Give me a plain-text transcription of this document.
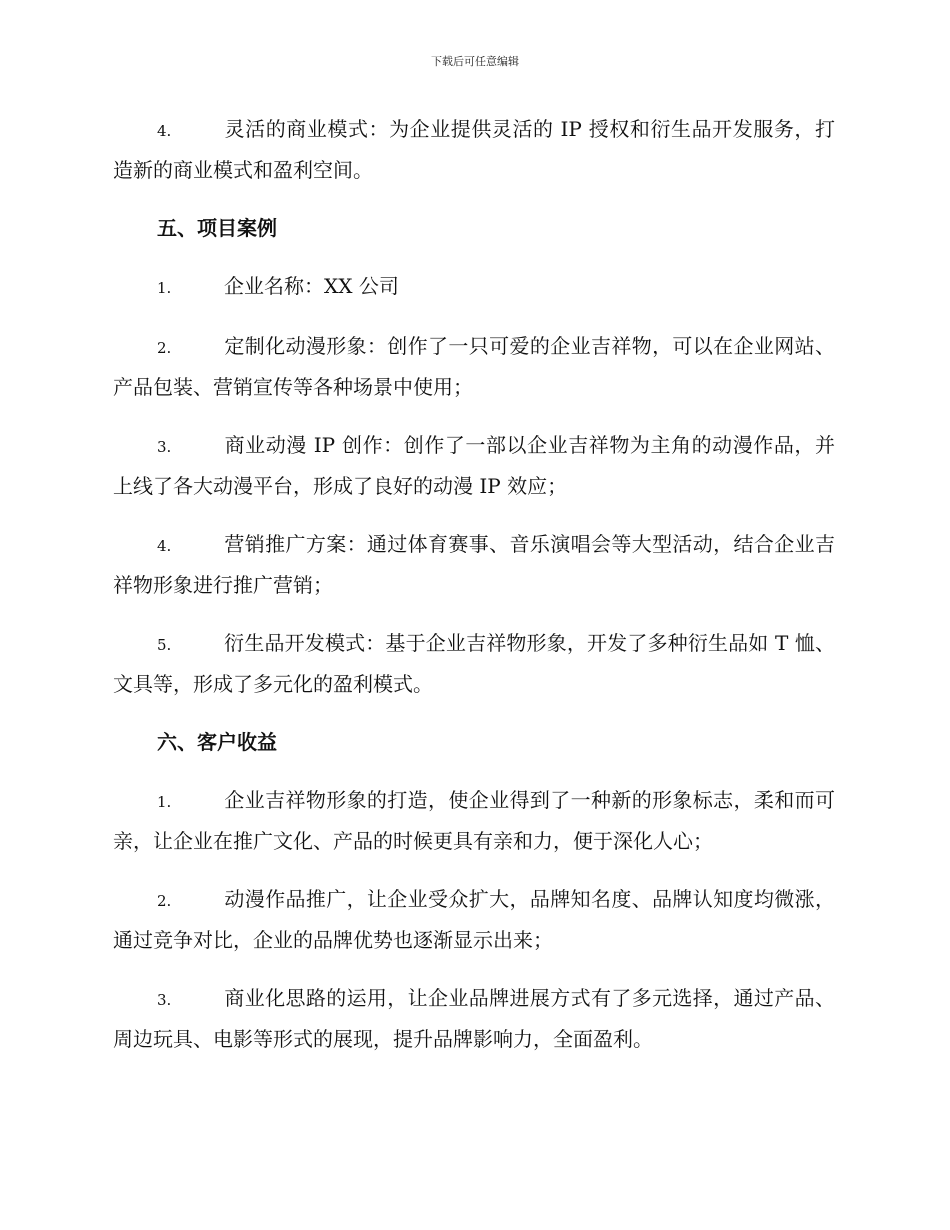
下载后可任意编辑

4.	灵活的商业模式：为企业提供灵活的 IP 授权和衍生品开发服务，打造新的商业模式和盈利空间。

五、项目案例

1.	企业名称：XX 公司

2.	定制化动漫形象：创作了一只可爱的企业吉祥物，可以在企业网站、产品包装、营销宣传等各种场景中使用；

3.	商业动漫 IP 创作：创作了一部以企业吉祥物为主角的动漫作品，并上线了各大动漫平台，形成了良好的动漫 IP 效应；

4.	营销推广方案：通过体育赛事、音乐演唱会等大型活动，结合企业吉祥物形象进行推广营销；

5.	衍生品开发模式：基于企业吉祥物形象，开发了多种衍生品如 T 恤、文具等，形成了多元化的盈利模式。

六、客户收益

1.	企业吉祥物形象的打造，使企业得到了一种新的形象标志，柔和而可亲，让企业在推广文化、产品的时候更具有亲和力，便于深化人心；

2.	动漫作品推广，让企业受众扩大，品牌知名度、品牌认知度均微涨，通过竞争对比，企业的品牌优势也逐渐显示出来；

3.	商业化思路的运用，让企业品牌进展方式有了多元选择，通过产品、周边玩具、电影等形式的展现，提升品牌影响力，全面盈利。
